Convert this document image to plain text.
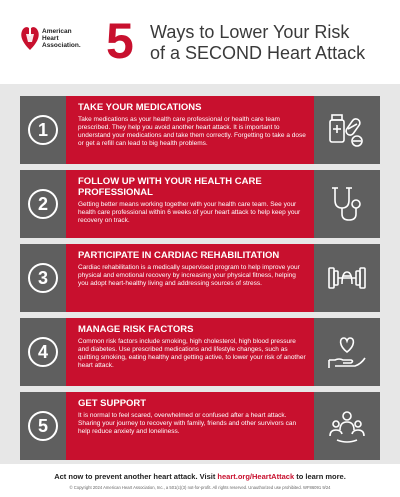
American
Heart
Association. 5 Ways to Lower Your Risk
of a SECOND Heart Attack
1
TAKE YOUR MEDICATIONS
Take medications as your health care professional or health care team prescribed. They help you avoid another heart attack. It is important to understand your medications and take them correctly. Forgetting to take a dose or get a refill can lead to big health problems.
2
FOLLOW UP WITH YOUR HEALTH CARE PROFESSIONAL
Getting better means working together with your health care team. See your health care professional within 6 weeks of your heart attack to help keep your recovery on track.
3
PARTICIPATE IN CARDIAC REHABILITATION
Cardiac rehabilitation is a medically supervised program to help improve your physical and emotional recovery by increasing your physical fitness, helping you adopt heart-healthy living and addressing sources of stress.
4
MANAGE RISK FACTORS
Common risk factors include smoking, high cholesterol, high blood pressure and diabetes. Use prescribed medications and lifestyle changes, such as quitting smoking, eating healthy and getting active, to lower your risk of another heart attack.
5
GET SUPPORT
It is normal to feel scared, overwhelmed or confused after a heart attack. Sharing your journey to recovery with family, friends and other survivors can help reduce anxiety and loneliness.
Act now to prevent another heart attack. Visit heart.org/HeartAttack to learn more.
© Copyright 2024 American Heart Association, Inc., a 501(c)(3) not-for-profit. All rights reserved. Unauthorized use prohibited. WF86091 9/24
